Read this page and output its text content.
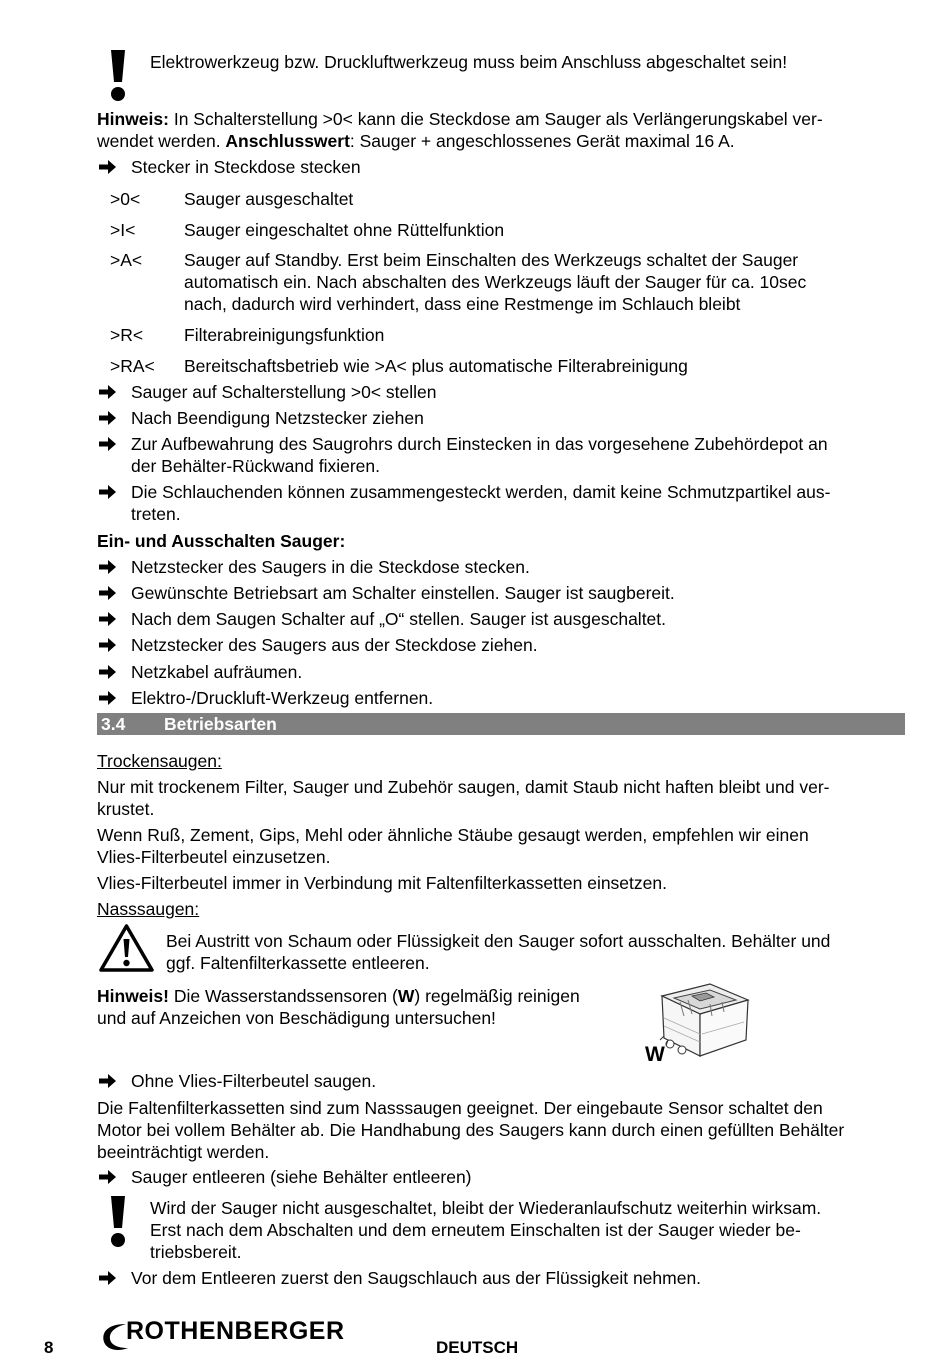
Elektrowerkzeug bzw. Druckluftwerkzeug muss beim Anschluss abgeschaltet sein!
Hinweis: In Schalterstellung >0< kann die Steckdose am Sauger als Verlängerungskabel ver-
wendet werden. Anschlusswert: Sauger + angeschlossenes Gerät maximal 16 A.
Stecker in Steckdose stecken
>0<	Sauger ausgeschaltet
>I<	Sauger eingeschaltet ohne Rüttelfunktion
>A< Sauger auf Standby. Erst beim Einschalten des Werkzeugs schaltet der Sauger
automatisch ein. Nach abschalten des Werkzeugs läuft der Sauger für ca. 10sec
nach, dadurch wird verhindert, dass eine Restmenge im Schlauch bleibt
>R< Filterabreinigungsfunktion
>RA< Bereitschaftsbetrieb wie >A< plus automatische Filterabreinigung
Sauger auf Schalterstellung >0< stellen
Nach Beendigung Netzstecker ziehen
Zur Aufbewahrung des Saugrohrs durch Einstecken in das vorgesehene Zubehördepot an
der Behälter-Rückwand fixieren.
Die Schlauchenden können zusammengesteckt werden, damit keine Schmutzpartikel aus-
treten.
Ein- und Ausschalten Sauger:
Netzstecker des Saugers in die Steckdose stecken.
Gewünschte Betriebsart am Schalter einstellen. Sauger ist saugbereit.
Nach dem Saugen Schalter auf „O“ stellen. Sauger ist ausgeschaltet.
Netzstecker des Saugers aus der Steckdose ziehen.
Netzkabel aufräumen.
Elektro-/Druckluft-Werkzeug entfernen.
3.4 Betriebsarten
Trockensaugen:
Nur mit trockenem Filter, Sauger und Zubehör saugen, damit Staub nicht haften bleibt und ver-
krustet.
Wenn Ruß, Zement, Gips, Mehl oder ähnliche Stäube gesaugt werden, empfehlen wir einen
Vlies-Filterbeutel einzusetzen.
Vlies-Filterbeutel immer in Verbindung mit Faltenfilterkassetten einsetzen.
Nasssaugen:
Bei Austritt von Schaum oder Flüssigkeit den Sauger sofort ausschalten. Behälter und
ggf. Faltenfilterkassette entleeren.
Hinweis! Die Wasserstandssensoren (W) regelmäßig reinigen
und auf Anzeichen von Beschädigung untersuchen!
W
Ohne Vlies-Filterbeutel saugen.
Die Faltenfilterkassetten sind zum Nasssaugen geeignet. Der eingebaute Sensor schaltet den
Motor bei vollem Behälter ab. Die Handhabung des Saugers kann durch einen gefüllten Behälter
beeinträchtigt werden.
Sauger entleeren (siehe Behälter entleeren)
Wird der Sauger nicht ausgeschaltet, bleibt der Wiederanlaufschutz weiterhin wirksam.
Erst nach dem Abschalten und dem erneutem Einschalten ist der Sauger wieder be-
triebsbereit.
Vor dem Entleeren zuerst den Saugschlauch aus der Flüssigkeit nehmen.
8
ROTHENBERGER
DEUTSCH
